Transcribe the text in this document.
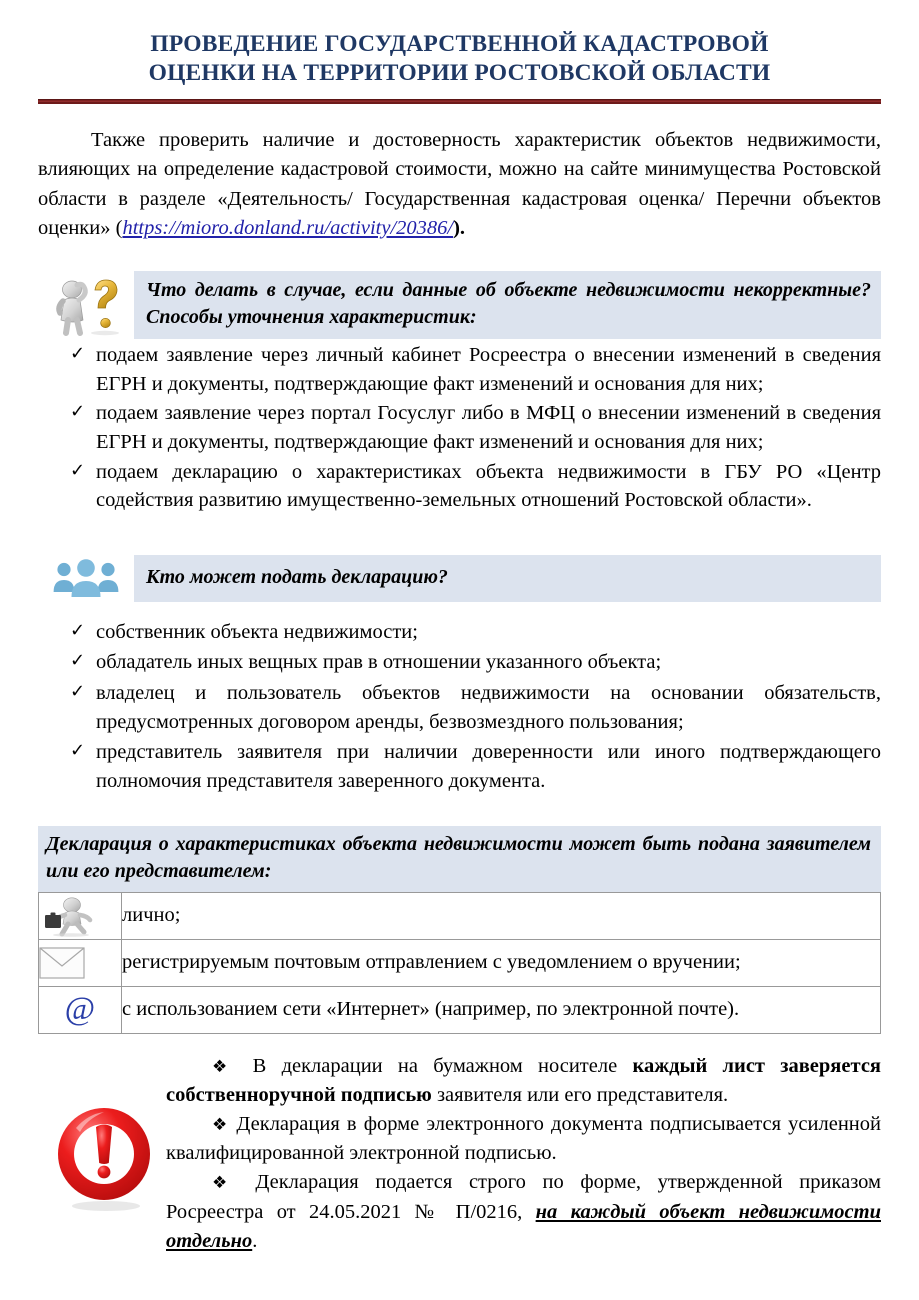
ПРОВЕДЕНИЕ ГОСУДАРСТВЕННОЙ КАДАСТРОВОЙ ОЦЕНКИ НА ТЕРРИТОРИИ РОСТОВСКОЙ ОБЛАСТИ

Также проверить наличие и достоверность характеристик объектов недвижимости, влияющих на определение кадастровой стоимости, можно на сайте минимущества Ростовской области в разделе «Деятельность/ Государственная кадастровая оценка/ Перечни объектов оценки» (https://mioro.donland.ru/activity/20386/).

Что делать в случае, если данные об объекте недвижимости некорректные? Способы уточнения характеристик:
✓ подаем заявление через личный кабинет Росреестра о внесении изменений в сведения ЕГРН и документы, подтверждающие факт изменений и основания для них;
✓ подаем заявление через портал Госуслуг либо в МФЦ о внесении изменений в сведения ЕГРН и документы, подтверждающие факт изменений и основания для них;
✓ подаем декларацию о характеристиках объекта недвижимости в ГБУ РО «Центр содействия развитию имущественно-земельных отношений Ростовской области».
Кто может подать декларацию?
✓ собственник объекта недвижимости;
✓ обладатель иных вещных прав в отношении указанного объекта;
✓ владелец и пользователь объектов недвижимости на основании обязательств, предусмотренных договором аренды, безвозмездного пользования;
✓ представитель заявителя при наличии доверенности или иного подтверждающего полномочия представителя заверенного документа.
Декларация о характеристиках объекта недвижимости может быть подана заявителем или его представителем:
	лично;

	регистрируемым почтовым отправлением с уведомлением о вручении;
@	с использованием сети «Интернет» (например, по электронной почте).

❖ В декларации на бумажном носителе каждый лист заверяется собственноручной подписью заявителя или его представителя.

❖ Декларация в форме электронного документа подписывается усиленной квалифицированной электронной подписью.

❖ Декларация подается строго по форме, утвержденной приказом Росреестра от 24.05.2021 № П/0216, на каждый объект недвижимости отдельно.
